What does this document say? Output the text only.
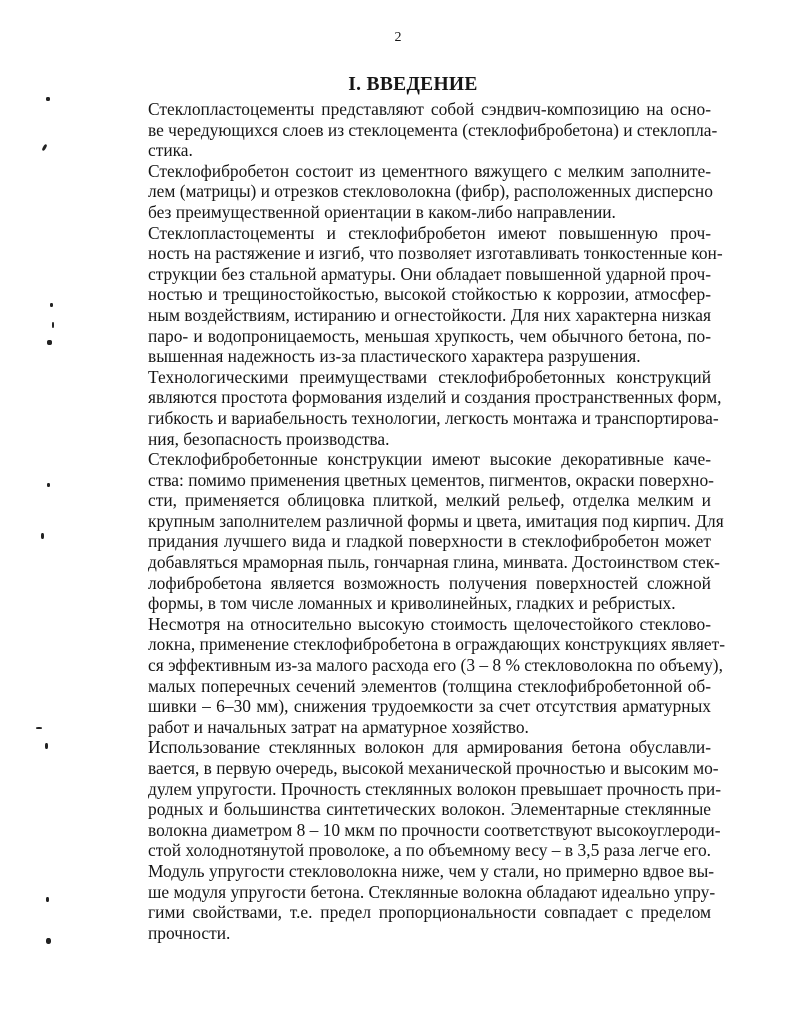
2
I. ВВЕДЕНИЕ

Стеклопластоцементы представляют собой сэндвич-композицию на осно-
ве чередующихся слоев из стеклоцемента (стеклофибробетона) и стеклопла-
стика.

Стеклофибробетон состоит из цементного вяжущего с мелким заполните-
лем (матрицы) и отрезков стекловолокна (фибр), расположенных дисперсно
без преимущественной ориентации в каком-либо направлении.

Стеклопластоцементы и стеклофибробетон имеют повышенную проч-
ность на растяжение и изгиб, что позволяет изготавливать тонкостенные кон-
струкции без стальной арматуры. Они обладает повышенной ударной проч-
ностью и трещиностойкостью, высокой стойкостью к коррозии, атмосфер-
ным воздействиям, истиранию и огнестойкости. Для них характерна низкая
паро- и водопроницаемость, меньшая хрупкость, чем обычного бетона, по-
вышенная надежность из-за пластического характера разрушения.

Технологическими преимуществами стеклофибробетонных конструкций
являются простота формования изделий и создания пространственных форм,
гибкость и вариабельность технологии, легкость монтажа и транспортирова-
ния, безопасность производства.

Стеклофибробетонные конструкции имеют высокие декоративные каче-
ства: помимо применения цветных цементов, пигментов, окраски поверхно-
сти, применяется облицовка плиткой, мелкий рельеф, отделка мелким и
крупным заполнителем различной формы и цвета, имитация под кирпич. Для
придания лучшего вида и гладкой поверхности в стеклофибробетон может
добавляться мраморная пыль, гончарная глина, минвата. Достоинством стек-
лофибробетона является возможность получения поверхностей сложной
формы, в том числе ломанных и криволинейных, гладких и ребристых.

Несмотря на относительно высокую стоимость щелочестойкого стеклово-
локна, применение стеклофибробетона в ограждающих конструкциях являет-
ся эффективным из-за малого расхода его (3 – 8 % стекловолокна по объему),
малых поперечных сечений элементов (толщина стеклофибробетонной об-
шивки – 6–30 мм), снижения трудоемкости за счет отсутствия арматурных
работ и начальных затрат на арматурное хозяйство.

Использование стеклянных волокон для армирования бетона обуславли-
вается, в первую очередь, высокой механической прочностью и высоким мо-
дулем упругости. Прочность стеклянных волокон превышает прочность при-
родных и большинства синтетических волокон. Элементарные стеклянные
волокна диаметром 8 – 10 мкм по прочности соответствуют высокоуглероди-
стой холоднотянутой проволоке, а по объемному весу – в 3,5 раза легче его.
Модуль упругости стекловолокна ниже, чем у стали, но примерно вдвое вы-
ше модуля упругости бетона. Стеклянные волокна обладают идеально упру-
гими свойствами, т.е. предел пропорциональности совпадает с пределом
прочности.
